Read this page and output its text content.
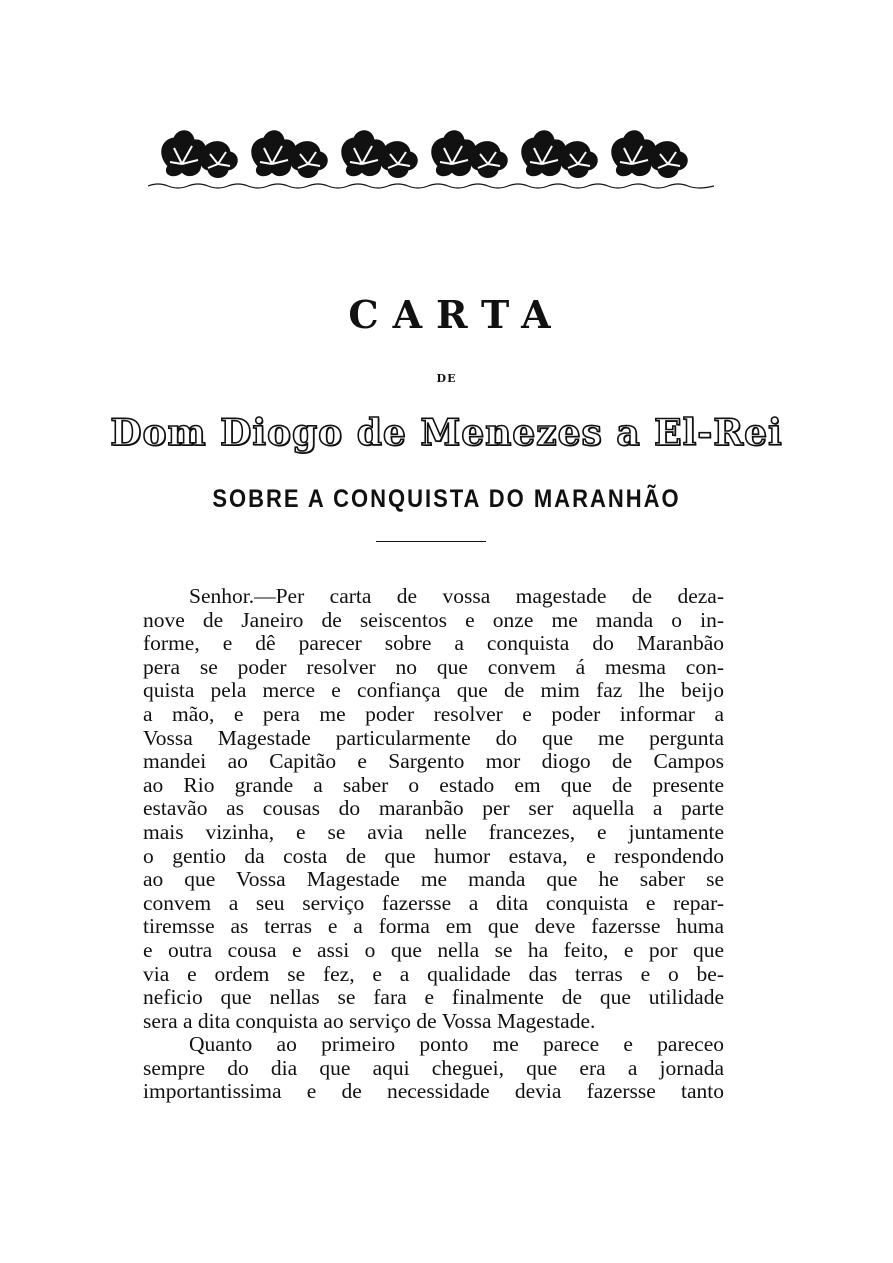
CARTA
DE
Dom Diogo de Menezes a El-Rei
SOBRE A CONQUISTA DO MARANHÃO
Senhor.—Per carta de vossa magestade de deza-
nove de Janeiro de seiscentos e onze me manda o in-
forme, e dê parecer sobre a conquista do Maranbão
pera se poder resolver no que convem á mesma con-
quista pela merce e confiança que de mim faz lhe beijo
a mão, e pera me poder resolver e poder informar a
Vossa Magestade particularmente do que me pergunta
mandei ao Capitão e Sargento mor diogo de Campos
ao Rio grande a saber o estado em que de presente
estavão as cousas do maranbão per ser aquella a parte
mais vizinha, e se avia nelle francezes, e juntamente
o gentio da costa de que humor estava, e respondendo
ao que Vossa Magestade me manda que he saber se
convem a seu serviço fazersse a dita conquista e repar-
tiremsse as terras e a forma em que deve fazersse huma
e outra cousa e assi o que nella se ha feito, e por que
via e ordem se fez, e a qualidade das terras e o be-
neficio que nellas se fara e finalmente de que utilidade
sera a dita conquista ao serviço de Vossa Magestade.
Quanto ao primeiro ponto me parece e pareceo
sempre do dia que aqui cheguei, que era a jornada
importantissima e de necessidade devia fazersse tanto
